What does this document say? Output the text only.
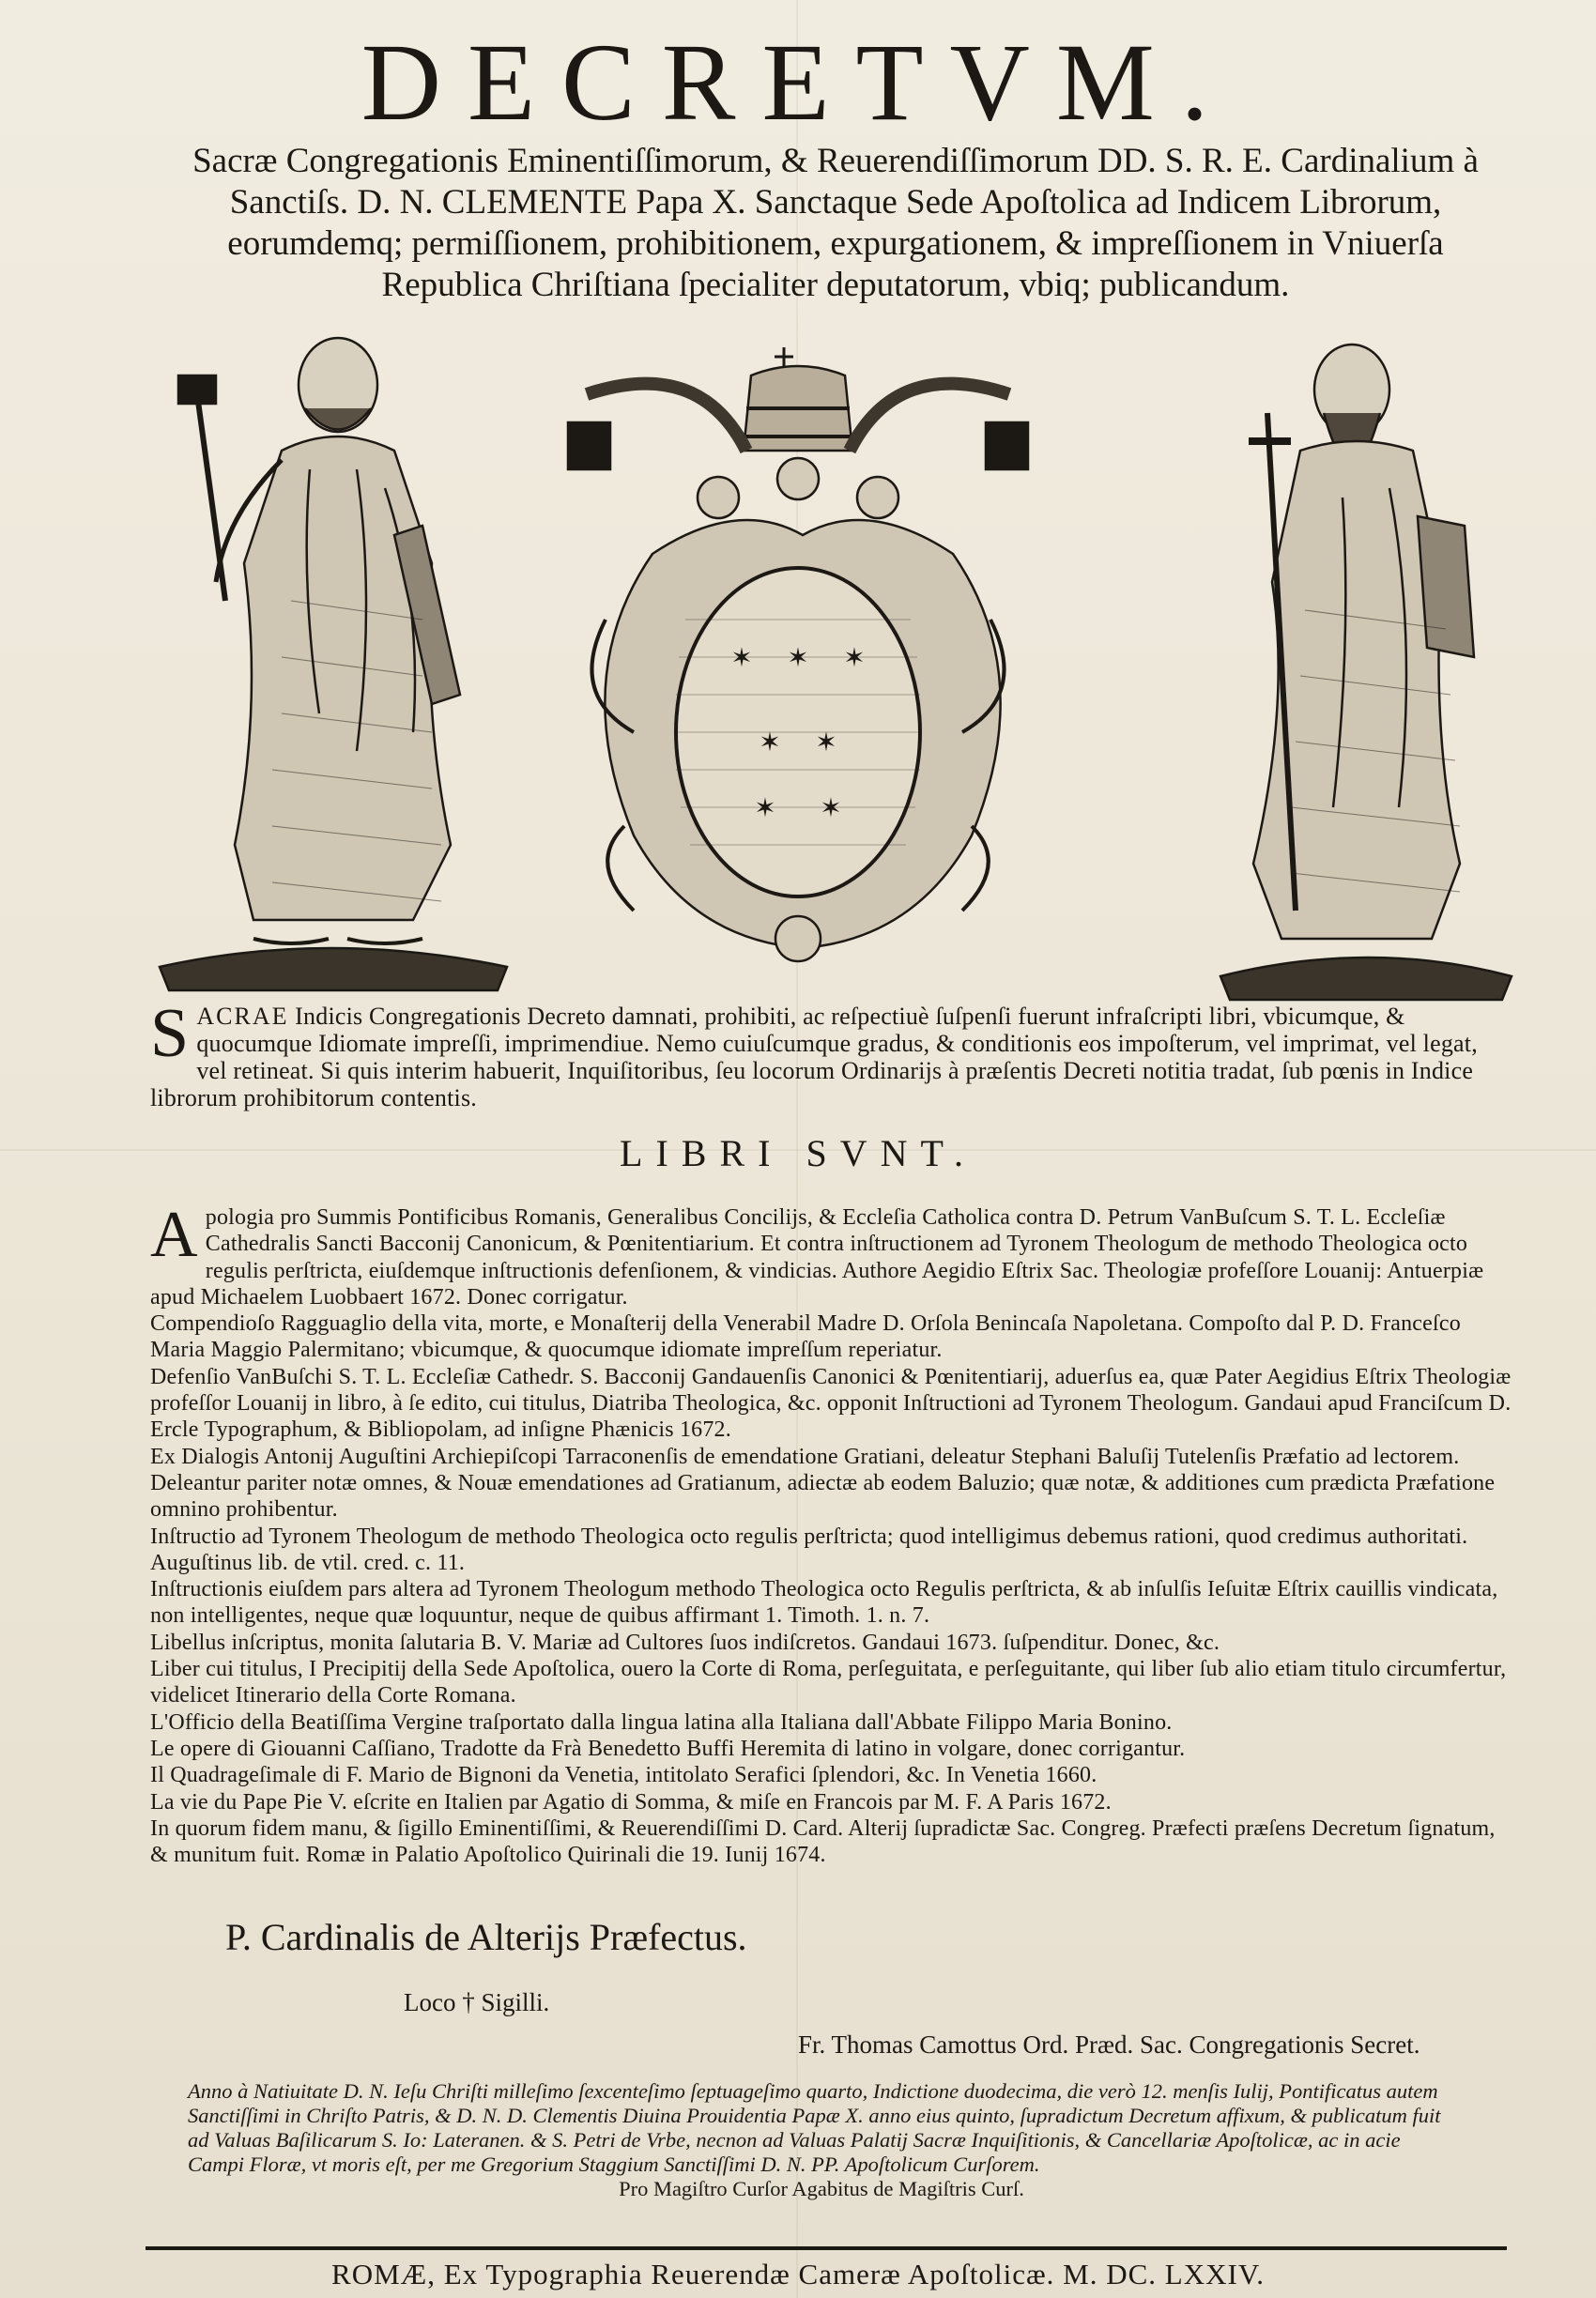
DECRETVM.
Sacræ Congregationis Eminentiſſimorum, & Reuerendiſſimorum DD. S. R. E. Cardinalium à Sanctiſs. D. N. CLEMENTE Papa X. Sanctaque Sede Apoſtolica ad Indicem Librorum, eorumdemq; permiſſionem, prohibitionem, expurgationem, & impreſſionem in Vniuerſa Republica Chriſtiana ſpecialiter deputatorum, vbiq; publicandum.
✶ ✶ ✶
✶ ✶
✶ ✶
SACRAE Indicis Congregationis Decreto damnati, prohibiti, ac reſpectiuè ſuſpenſi fuerunt infraſcripti libri, vbicumque, & quocumque Idiomate impreſſi, imprimendiue. Nemo cuiuſcumque gradus, & conditionis eos impoſterum, vel imprimat, vel legat, vel retineat. Si quis interim habuerit, Inquiſitoribus, ſeu locorum Ordinarijs à præſentis Decreti notitia tradat, ſub pœnis in Indice librorum prohibitorum contentis.
LIBRI SVNT.

Apologia pro Summis Pontificibus Romanis, Generalibus Concilijs, & Eccleſia Catholica contra D. Petrum VanBuſcum S. T. L. Eccleſiæ Cathedralis Sancti Bacconij Canonicum, & Pœnitentiarium. Et contra inſtructionem ad Tyronem Theologum de methodo Theologica octo regulis perſtricta, eiuſdemque inſtructionis defenſionem, & vindicias. Authore Aegidio Eſtrix Sac. Theologiæ profeſſore Louanij: Antuerpiæ apud Michaelem Luobbaert 1672. Donec corrigatur.

Compendioſo Ragguaglio della vita, morte, e Monaſterij della Venerabil Madre D. Orſola Benincaſa Napoletana. Compoſto dal P. D. Franceſco Maria Maggio Palermitano; vbicumque, & quocumque idiomate impreſſum reperiatur.

Defenſio VanBuſchi S. T. L. Eccleſiæ Cathedr. S. Bacconij Gandauenſis Canonici & Pœnitentiarij, aduerſus ea, quæ Pater Aegidius Eſtrix Theologiæ profeſſor Louanij in libro, à ſe edito, cui titulus, Diatriba Theologica, &c. opponit Inſtructioni ad Tyronem Theologum. Gandaui apud Franciſcum D. Ercle Typographum, & Bibliopolam, ad inſigne Phænicis 1672.

Ex Dialogis Antonij Auguſtini Archiepiſcopi Tarraconenſis de emendatione Gratiani, deleatur Stephani Baluſij Tutelenſis Præfatio ad lectorem. Deleantur pariter notæ omnes, & Nouæ emendationes ad Gratianum, adiectæ ab eodem Baluzio; quæ notæ, & additiones cum prædicta Præfatione omnino prohibentur.

Inſtructio ad Tyronem Theologum de methodo Theologica octo regulis perſtricta; quod intelligimus debemus rationi, quod credimus authoritati. Auguſtinus lib. de vtil. cred. c. 11.

Inſtructionis eiuſdem pars altera ad Tyronem Theologum methodo Theologica octo Regulis perſtricta, & ab inſulſis Ieſuitæ Eſtrix cauillis vindicata, non intelligentes, neque quæ loquuntur, neque de quibus affirmant 1. Timoth. 1. n. 7.

Libellus inſcriptus, monita ſalutaria B. V. Mariæ ad Cultores ſuos indiſcretos. Gandaui 1673. ſuſpenditur. Donec, &c.

Liber cui titulus, I Precipitij della Sede Apoſtolica, ouero la Corte di Roma, perſeguitata, e perſeguitante, qui liber ſub alio etiam titulo circumfertur, videlicet Itinerario della Corte Romana.

L'Officio della Beatiſſima Vergine traſportato dalla lingua latina alla Italiana dall'Abbate Filippo Maria Bonino.

Le opere di Giouanni Caſſiano, Tradotte da Frà Benedetto Buffi Heremita di latino in volgare, donec corrigantur.

Il Quadrageſimale di F. Mario de Bignoni da Venetia, intitolato Serafici ſplendori, &c. In Venetia 1660.

La vie du Pape Pie V. eſcrite en Italien par Agatio di Somma, & miſe en Francois par M. F. A Paris 1672.

In quorum fidem manu, & ſigillo Eminentiſſimi, & Reuerendiſſimi D. Card. Alterij ſupradictæ Sac. Congreg. Præfecti præſens Decretum ſignatum, & munitum fuit. Romæ in Palatio Apoſtolico Quirinali die 19. Iunij 1674.

P. Cardinalis de Alterijs Præfectus.
Loco † Sigilli.
Fr. Thomas Camottus Ord. Præd. Sac. Congregationis Secret.
Anno à Natiuitate D. N. Ieſu Chriſti milleſimo ſexcenteſimo ſeptuageſimo quarto, Indictione duodecima, die verò 12. menſis Iulij, Pontificatus autem Sanctiſſimi in Chriſto Patris, & D. N. D. Clementis Diuina Prouidentia Papæ X. anno eius quinto, ſupradictum Decretum affixum, & publicatum fuit ad Valuas Baſilicarum S. Io: Lateranen. & S. Petri de Vrbe, necnon ad Valuas Palatij Sacræ Inquiſitionis, & Cancellariæ Apoſtolicæ, ac in acie Campi Floræ, vt moris eſt, per me Gregorium Staggium Sanctiſſimi D. N. PP. Apoſtolicum Curſorem.
Pro Magiſtro Curſor Agabitus de Magiſtris Curſ.
ROMÆ, Ex Typographia Reuerendæ Cameræ Apoſtolicæ. M. DC. LXXIV.
